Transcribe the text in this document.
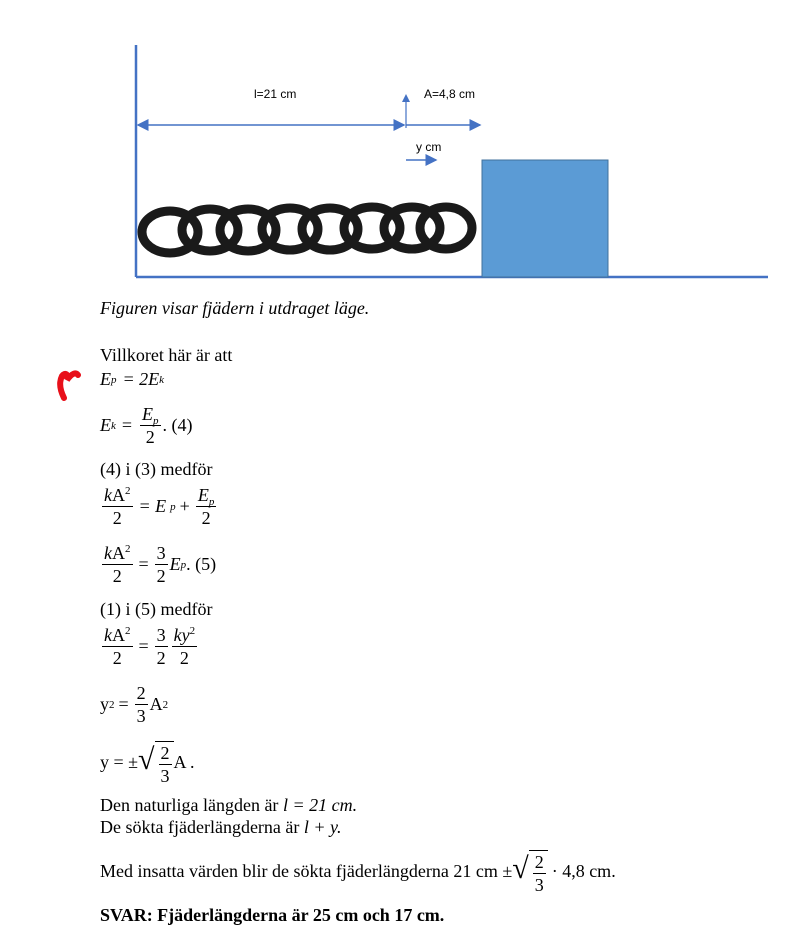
l=21 cm	A=4,8 cm
y cm
Figuren visar fjädern i utdraget läge.
Villkoret här är att
E p = 2E k
E $k = \frac{E_p}{2}$ . (4)
(4) i (3) medför
$\frac{kA^2}{2} = E$ $p + \frac{E_p}{2}$
$\frac{kA^2}{2} = \frac{3}{2}$ E p . (5)
(1) i (5) medför
$\frac{kA^2}{2} = \frac{3}{2} \frac{ky^2}{2}$
y $2 = \frac{2}{3}$ A 2
y = ± √ $\frac{2}{3}$ A .
Den naturliga längden är l = 21 cm.
De sökta fjäderlängderna är l + y.
Med insatta värden blir de sökta fjäderlängderna 21 cm ± √ $\frac{2}{3} \cdot 4,8$ cm.
SVAR: Fjäderlängderna är 25 cm och 17 cm.
